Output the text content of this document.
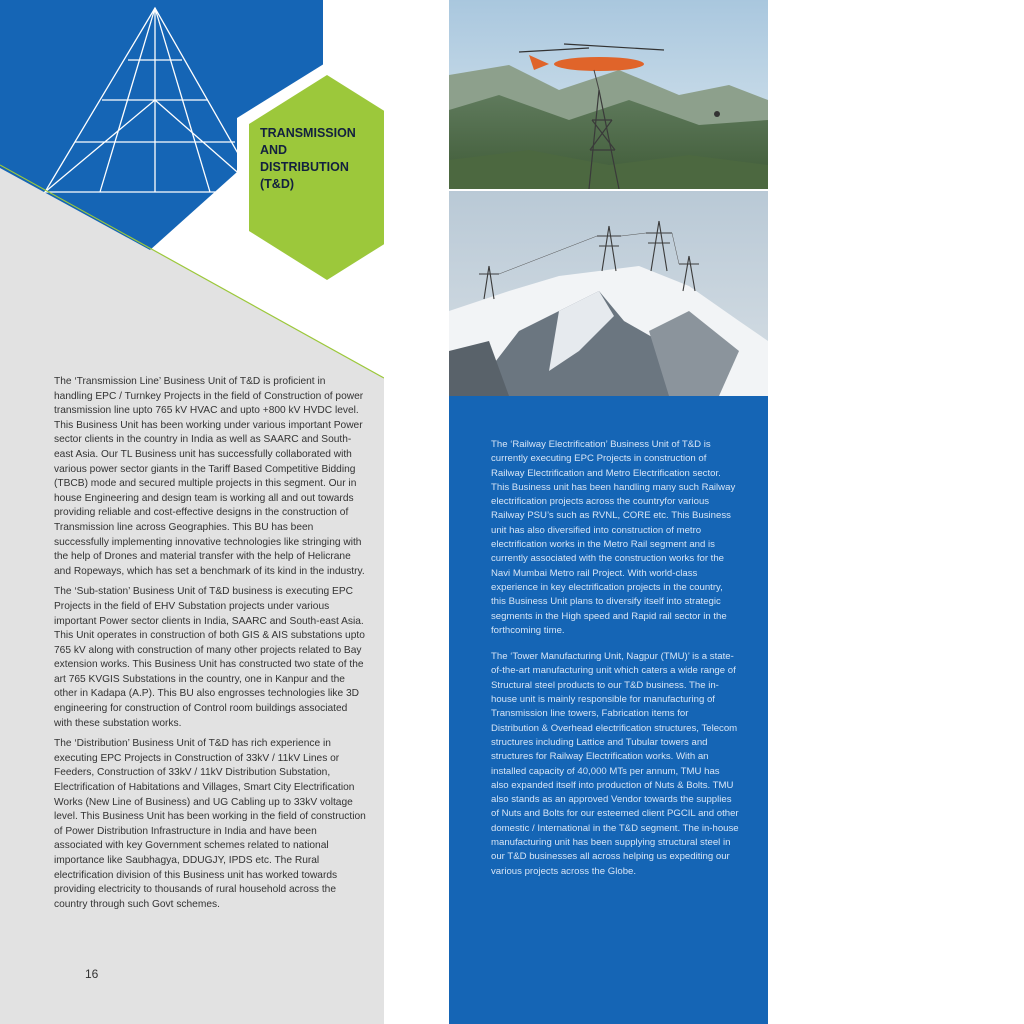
TRANSMISSION
AND
DISTRIBUTION
(T&D)

The ‘Transmission Line’ Business Unit of T&D is proficient in handling EPC / Turnkey Projects in the field of Construction of power transmission line upto 765 kV HVAC and upto +800 kV HVDC level. This Business Unit has been working under various important Power sector clients in the country in India as well as SAARC and South-east Asia. Our TL Business unit has successfully collaborated with various power sector giants in the Tariff Based Competitive Bidding (TBCB) mode and secured multiple projects in this segment. Our in house Engineering and design team is working all and out towards providing reliable and cost-effective designs in the construction of Transmission line across Geographies. This BU has been successfully implementing innovative technologies like stringing with the help of Drones and material transfer with the help of Helicrane and Ropeways, which has set a benchmark of its kind in the industry.

The ‘Sub-station’ Business Unit of T&D business is executing EPC Projects in the field of EHV Substation projects under various important Power sector clients in India, SAARC and South-east Asia. This Unit operates in construction of both GIS & AIS substations upto 765 kV along with construction of many other projects related to Bay extension works. This Business Unit has constructed two state of the art 765 KVGIS Substations in the country, one in Kanpur and the other in Kadapa (A.P). This BU also engrosses technologies like 3D engineering for construction of Control room buildings associated with these substation works.

The ‘Distribution’ Business Unit of T&D has rich experience in executing EPC Projects in Construction of 33kV / 11kV Lines or Feeders, Construction of 33kV / 11kV Distribution Substation, Electrification of Habitations and Villages, Smart City Electrification Works (New Line of Business) and UG Cabling up to 33kV voltage level. This Business Unit has been working in the field of construction of Power Distribution Infrastructure in India and have been associated with key Government schemes related to national importance like Saubhagya, DDUGJY, IPDS etc. The Rural electrification division of this Business unit has worked towards providing electricity to thousands of rural household across the country through such Govt schemes.

16

The ‘Railway Electrification’ Business Unit of T&D is currently executing EPC Projects in construction of Railway Electrification and Metro Electrification sector. This Business unit has been handling many such Railway electrification projects across the countryfor various Railway PSU’s such as RVNL, CORE etc. This Business unit has also diversified into construction of metro electrification works in the Metro Rail segment and is currently associated with the construction works for the Navi Mumbai Metro rail Project. With world-class experience in key electrification projects in the country, this Business Unit plans to diversify itself into strategic segments in the High speed and Rapid rail sector in the forthcoming time.

The ‘Tower Manufacturing Unit, Nagpur (TMU)’ is a state-of-the-art manufacturing unit which caters a wide range of Structural steel products to our T&D business. The in-house unit is mainly responsible for manufacturing of Transmission line towers, Fabrication items for Distribution & Overhead electrification structures, Telecom structures including Lattice and Tubular towers and structures for Railway Electrification works. With an installed capacity of 40,000 MTs per annum, TMU has also expanded itself into production of Nuts & Bolts. TMU also stands as an approved Vendor towards the supplies of Nuts and Bolts for our esteemed client PGCIL and other domestic / International in the T&D segment. The in-house manufacturing unit has been supplying structural steel in our T&D businesses all across helping us expediting our various projects across the Globe.
